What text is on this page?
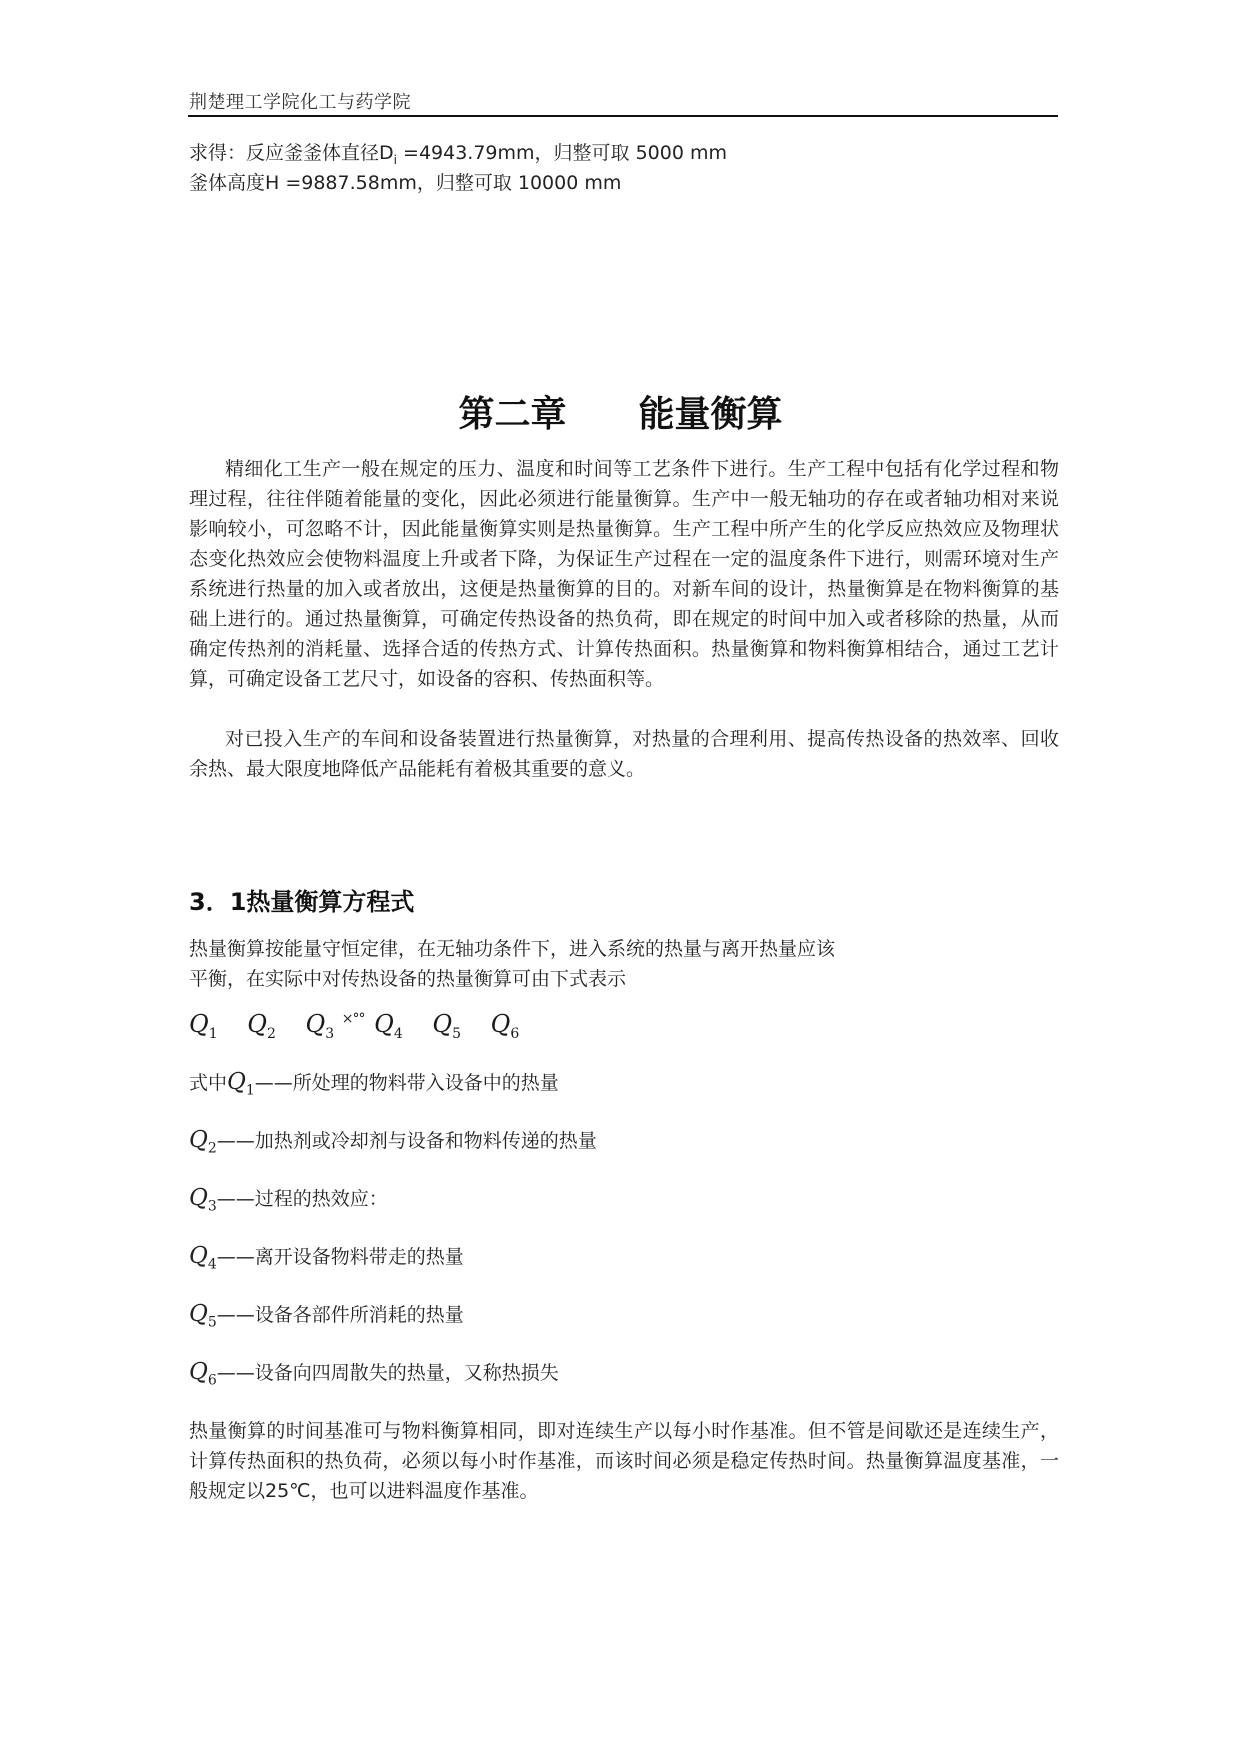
荆楚理工学院化工与药学院
求得：反应釜釜体直径$D_i =4943.79mm$，归整可取 5000 mm
釜体高度H =9887.58mm，归整可取 10000 mm
第二章 能量衡算

精细化工生产一般在规定的压力、温度和时间等工艺条件下进行。生产工程中包括有化学过程和物理过程，往往伴随着能量的变化，因此必须进行能量衡算。生产中一般无轴功的存在或者轴功相对来说影响较小，可忽略不计，因此能量衡算实则是热量衡算。生产工程中所产生的化学反应热效应及物理状态变化热效应会使物料温度上升或者下降，为保证生产过程在一定的温度条件下进行，则需环境对生产系统进行热量的加入或者放出，这便是热量衡算的目的。对新车间的设计，热量衡算是在物料衡算的基础上进行的。通过热量衡算，可确定传热设备的热负荷，即在规定的时间中加入或者移除的热量，从而确定传热剂的消耗量、选择合适的传热方式、计算传热面积。热量衡算和物料衡算相结合，通过工艺计算，可确定设备工艺尺寸，如设备的容积、传热面积等。

对已投入生产的车间和设备装置进行热量衡算，对热量的合理利用、提高传热设备的热效率、回收余热、最大限度地降低产品能耗有着极其重要的意义。

3．1热量衡算方程式
热量衡算按能量守恒定律，在无轴功条件下，进入系统的热量与离开热量应该
平衡，在实际中对传热设备的热量衡算可由下式表示
$Q_1$ $Q_2$ $Q_3$ ×°° $Q_4$ $Q_5$ $Q_6$
式中$Q_1——$所处理的物料带入设备中的热量
$Q_2——$加热剂或冷却剂与设备和物料传递的热量
$Q_3——$过程的热效应：
$Q_4——$离开设备物料带走的热量
$Q_5——$设备各部件所消耗的热量
$Q_6——$设备向四周散失的热量，又称热损失

热量衡算的时间基准可与物料衡算相同，即对连续生产以每小时作基准。但不管是间歇还是连续生产，计算传热面积的热负荷，必须以每小时作基准，而该时间必须是稳定传热时间。热量衡算温度基准，一般规定以25℃，也可以进料温度作基准。
